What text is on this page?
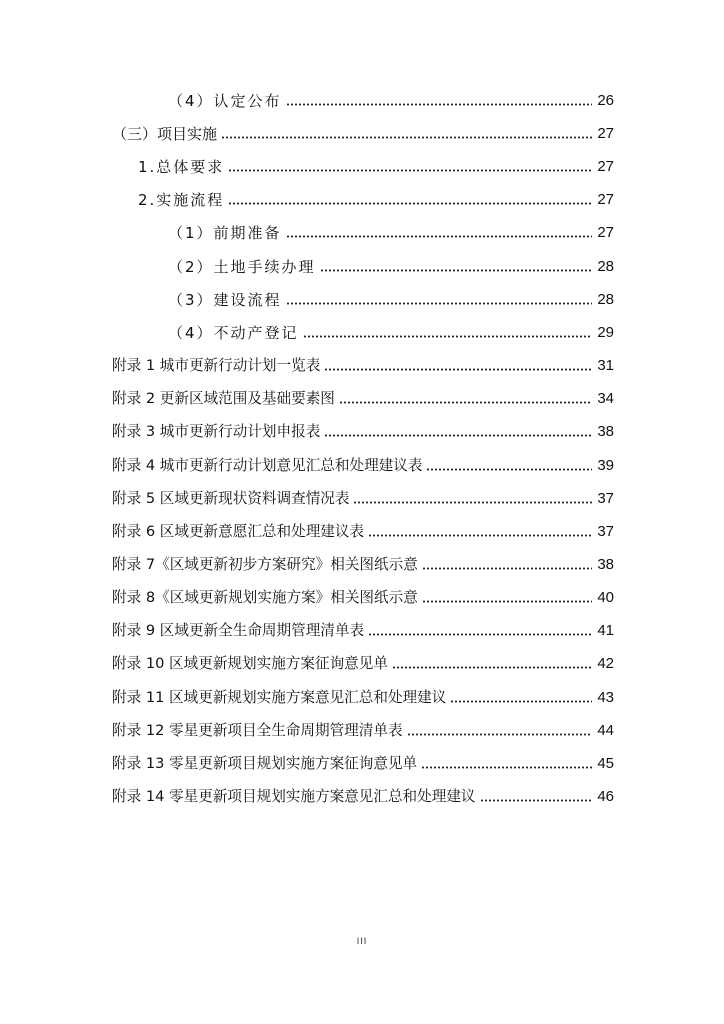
（4）认定公布	26
（三）项目实施	27
1.总体要求	27
2.实施流程	27
（1）前期准备	27
（2）土地手续办理	28
（3）建设流程	28
（4）不动产登记	29
附录 1 城市更新行动计划一览表	31
附录 2 更新区域范围及基础要素图	34
附录 3 城市更新行动计划申报表	38
附录 4 城市更新行动计划意见汇总和处理建议表	39
附录 5 区域更新现状资料调查情况表	37
附录 6 区域更新意愿汇总和处理建议表	37
附录 7《区域更新初步方案研究》相关图纸示意	38
附录 8《区域更新规划实施方案》相关图纸示意	40
附录 9 区域更新全生命周期管理清单表	41
附录 10 区域更新规划实施方案征询意见单	42
附录 11 区域更新规划实施方案意见汇总和处理建议	43
附录 12 零星更新项目全生命周期管理清单表	44
附录 13 零星更新项目规划实施方案征询意见单	45
附录 14 零星更新项目规划实施方案意见汇总和处理建议	46
III
